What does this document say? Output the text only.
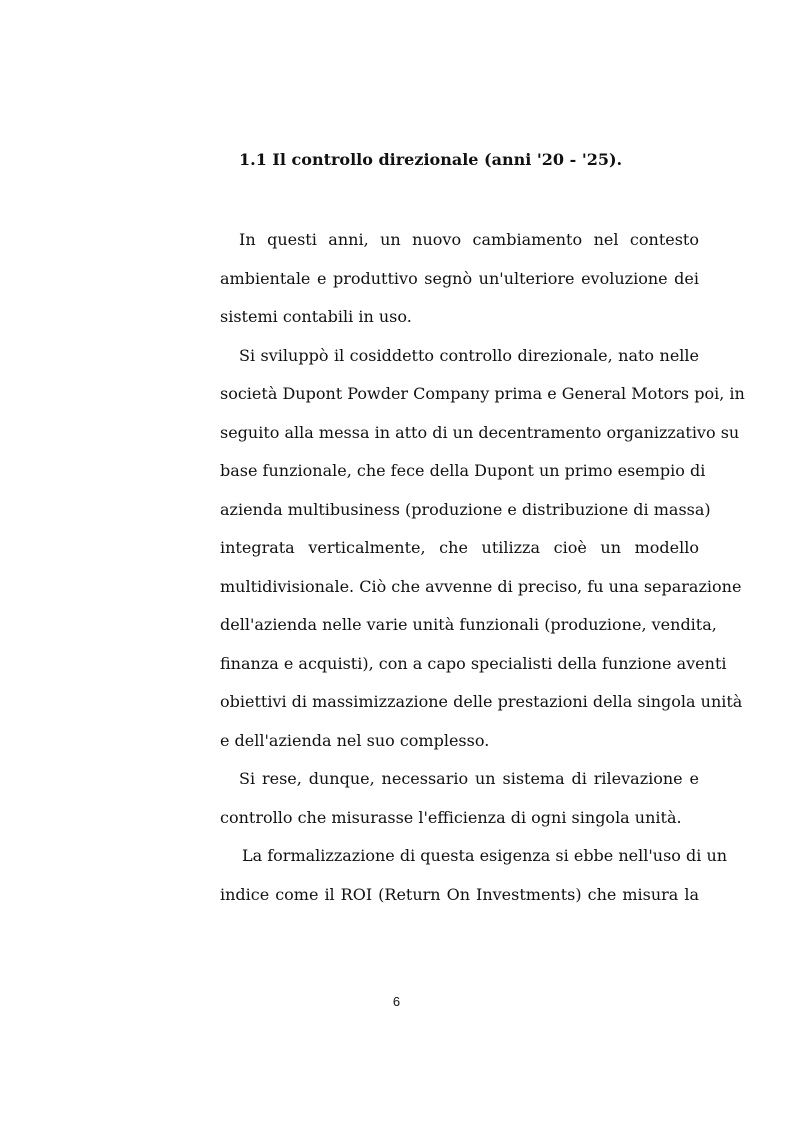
1.1 Il controllo direzionale (anni '20 - '25).
In questi anni, un nuovo cambiamento nel contesto
ambientale e produttivo segnò un'ulteriore evoluzione dei
sistemi contabili in uso.
Si sviluppò il cosiddetto controllo direzionale, nato nelle
società Dupont Powder Company prima e General Motors poi, in
seguito alla messa in atto di un decentramento organizzativo su
base funzionale, che fece della Dupont un primo esempio di
azienda multibusiness (produzione e distribuzione di massa)
integrata verticalmente, che utilizza cioè un modello
multidivisionale. Ciò che avvenne di preciso, fu una separazione
dell'azienda nelle varie unità funzionali (produzione, vendita,
finanza e acquisti), con a capo specialisti della funzione aventi
obiettivi di massimizzazione delle prestazioni della singola unità
e dell'azienda nel suo complesso.
Si rese, dunque, necessario un sistema di rilevazione e
controllo che misurasse l'efficienza di ogni singola unità.
La formalizzazione di questa esigenza si ebbe nell'uso di un
indice come il ROI (Return On Investments) che misura la
6
